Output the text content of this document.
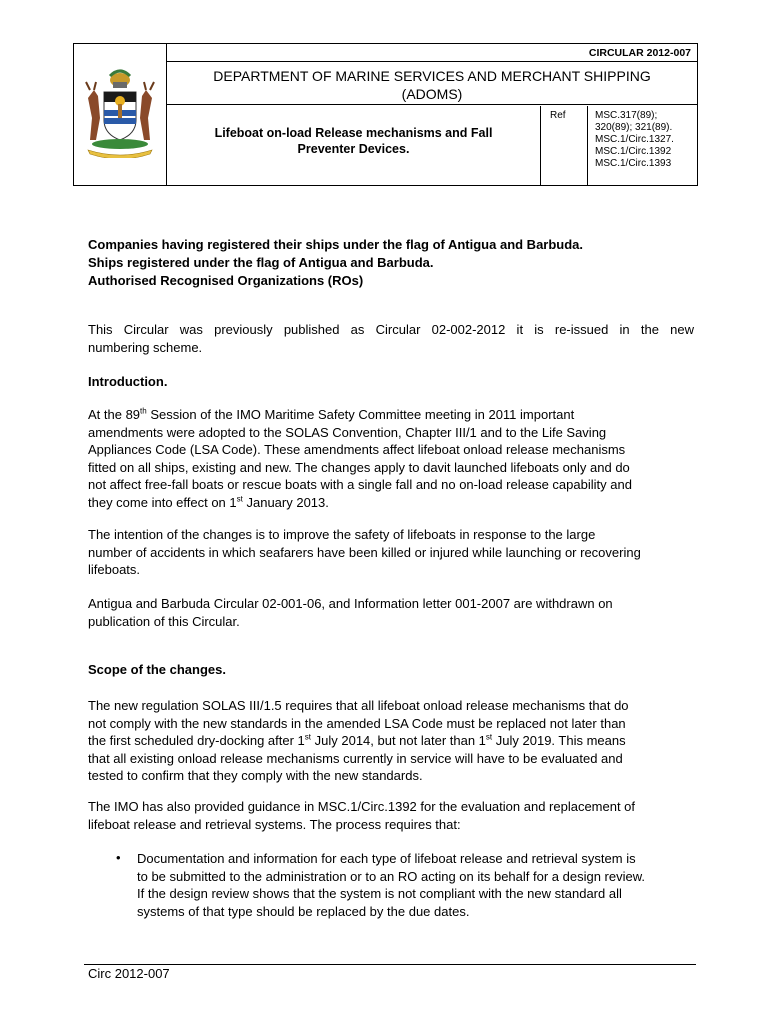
CIRCULAR 2012-007
DEPARTMENT OF MARINE SERVICES AND MERCHANT SHIPPING
(ADOMS)
Lifeboat on-load Release mechanisms and Fall
Preventer Devices.
Ref	MSC.317(89);
320(89); 321(89).
MSC.1/Circ.1327.
MSC.1/Circ.1392
MSC.1/Circ.1393
Companies having registered their ships under the flag of Antigua and Barbuda.
Ships registered under the flag of Antigua and Barbuda.
Authorised Recognised Organizations (ROs)
This Circular was previously published as Circular 02-002-2012 it is re-issued in the new
numbering scheme.
Introduction.
At the 89th Session of the IMO Maritime Safety Committee meeting in 2011 important
amendments were adopted to the SOLAS Convention, Chapter III/1 and to the Life Saving
Appliances Code (LSA Code). These amendments affect lifeboat onload release mechanisms
fitted on all ships, existing and new. The changes apply to davit launched lifeboats only and do
not affect free-fall boats or rescue boats with a single fall and no on-load release capability and
they come into effect on 1st January 2013.
The intention of the changes is to improve the safety of lifeboats in response to the large
number of accidents in which seafarers have been killed or injured while launching or recovering
lifeboats.
Antigua and Barbuda Circular 02-001-06, and Information letter 001-2007 are withdrawn on
publication of this Circular.
Scope of the changes.
The new regulation SOLAS III/1.5 requires that all lifeboat onload release mechanisms that do
not comply with the new standards in the amended LSA Code must be replaced not later than
the first scheduled dry-docking after 1st July 2014, but not later than 1st July 2019. This means
that all existing onload release mechanisms currently in service will have to be evaluated and
tested to confirm that they comply with the new standards.
The IMO has also provided guidance in MSC.1/Circ.1392 for the evaluation and replacement of
lifeboat release and retrieval systems. The process requires that:
• Documentation and information for each type of lifeboat release and retrieval system is
to be submitted to the administration or to an RO acting on its behalf for a design review.
If the design review shows that the system is not compliant with the new standard all
systems of that type should be replaced by the due dates.
Circ 2012-007
